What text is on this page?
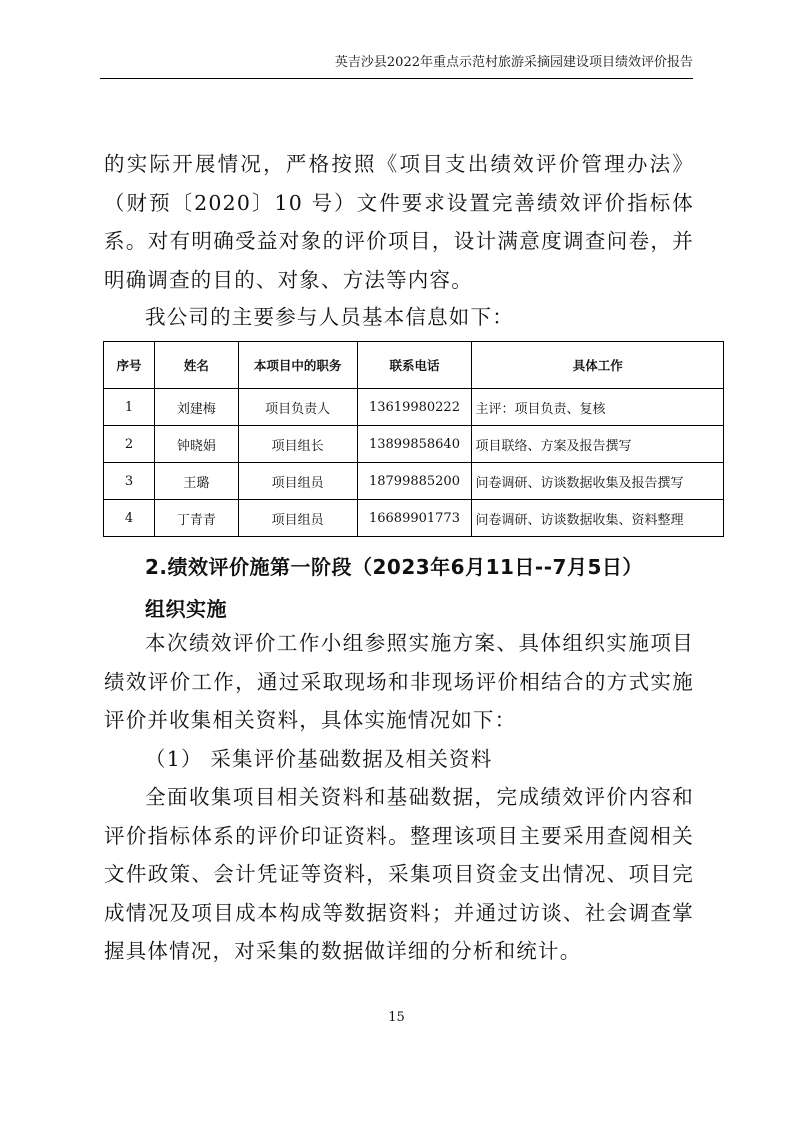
英吉沙县2022年重点示范村旅游采摘园建设项目绩效评价报告

的实际开展情况，严格按照《项目支出绩效评价管理办法》（财预〔2020〕10 号）文件要求设置完善绩效评价指标体系。对有明确受益对象的评价项目，设计满意度调查问卷，并明确调查的目的、对象、方法等内容。

我公司的主要参与人员基本信息如下：

序号	姓名	本项目中的职务	联系电话	具体工作
1	刘建梅	项目负责人	13619980222	主评：项目负责、复核
2	钟晓娟	项目组长	13899858640	项目联络、方案及报告撰写
3	王璐	项目组员	18799885200	问卷调研、访谈数据收集及报告撰写
4	丁青青	项目组员	16689901773	问卷调研、访谈数据收集、资料整理

2.绩效评价施第一阶段（2023年6月11日--7月5日）

组织实施

本次绩效评价工作小组参照实施方案、具体组织实施项目绩效评价工作，通过采取现场和非现场评价相结合的方式实施评价并收集相关资料，具体实施情况如下：

（1） 采集评价基础数据及相关资料

全面收集项目相关资料和基础数据，完成绩效评价内容和评价指标体系的评价印证资料。整理该项目主要采用查阅相关文件政策、会计凭证等资料，采集项目资金支出情况、项目完成情况及项目成本构成等数据资料；并通过访谈、社会调查掌握具体情况，对采集的数据做详细的分析和统计。

15
